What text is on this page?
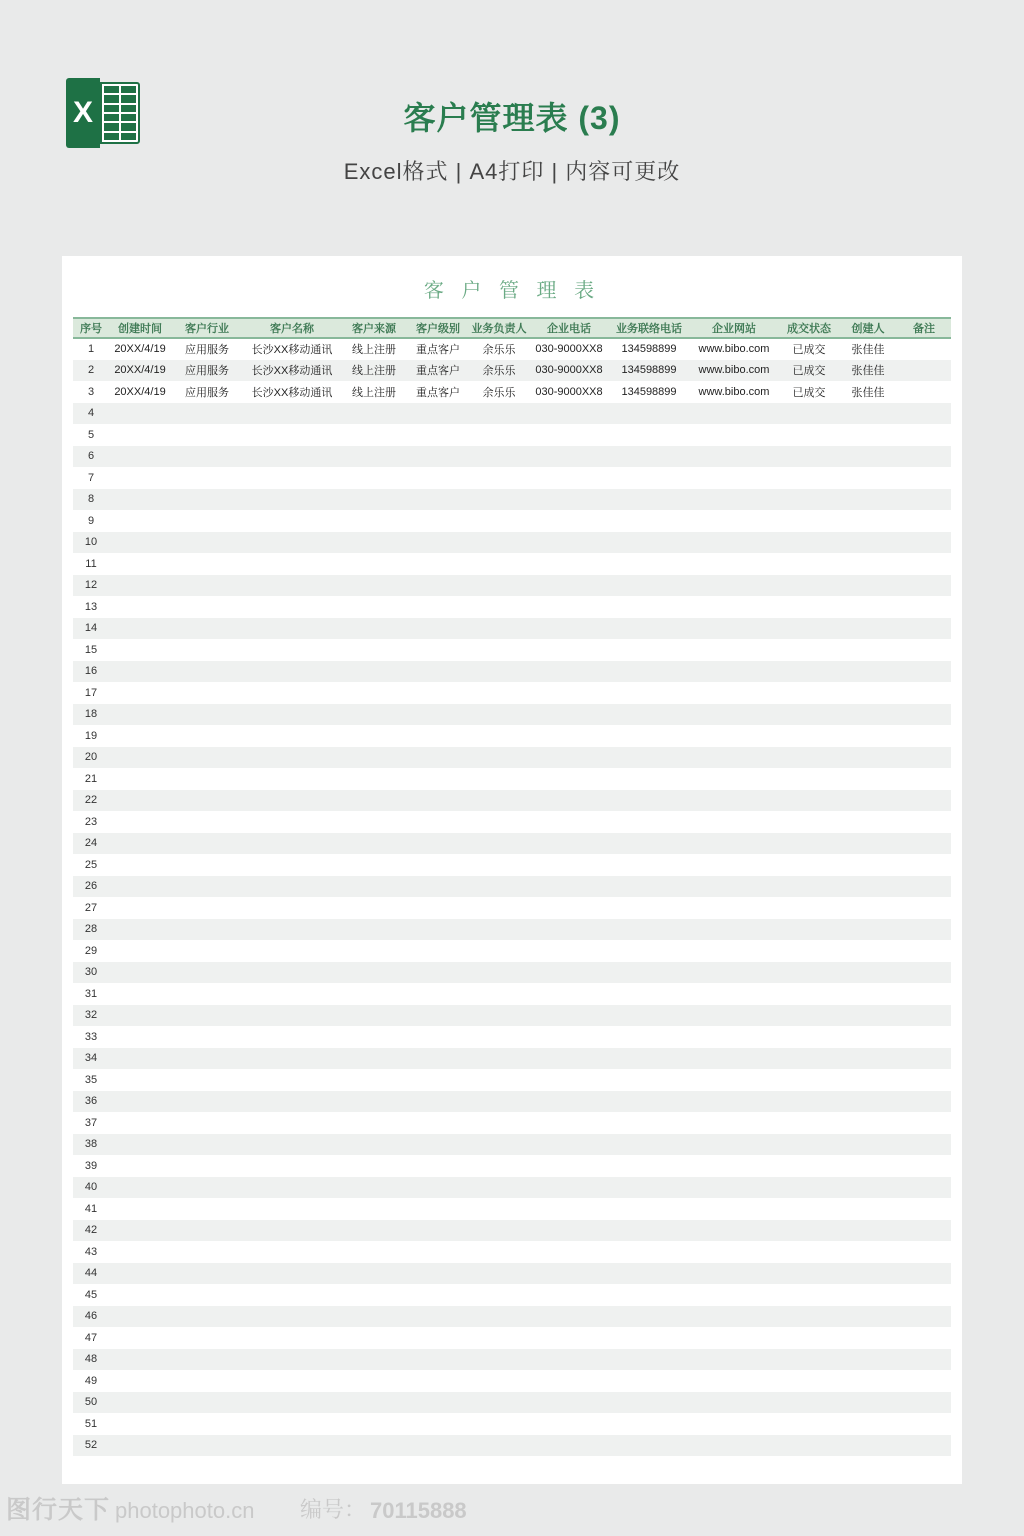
X	客户管理表 (3)
Excel格式 | A4打印 | 内容可更改
客 户 管 理 表
序号	创建时间	客户行业	客户名称	客户来源	客户级别	业务负责人	企业电话	业务联络电话	企业网站	成交状态	创建人	备注
1	20XX/4/19	应用服务	长沙XX移动通讯	线上注册	重点客户	余乐乐	030-9000XX8	134598899	www.bibo.com	已成交	张佳佳	
2	20XX/4/19	应用服务	长沙XX移动通讯	线上注册	重点客户	余乐乐	030-9000XX8	134598899	www.bibo.com	已成交	张佳佳	
3	20XX/4/19	应用服务	长沙XX移动通讯	线上注册	重点客户	余乐乐	030-9000XX8	134598899	www.bibo.com	已成交	张佳佳	
4												
5												
6												
7												
8												
9												
10												
11												
12												
13												
14												
15												
16												
17												
18												
19												
20												
21												
22												
23												
24												
25												
26												
27												
28												
29												
30												
31												
32												
33												
34												
35												
36												
37												
38												
39												
40												
41												
42												
43												
44												
45												
46												
47												
48												
49												
50												
51												
52												
图行天下 photophoto.cn 编号： 70115888
